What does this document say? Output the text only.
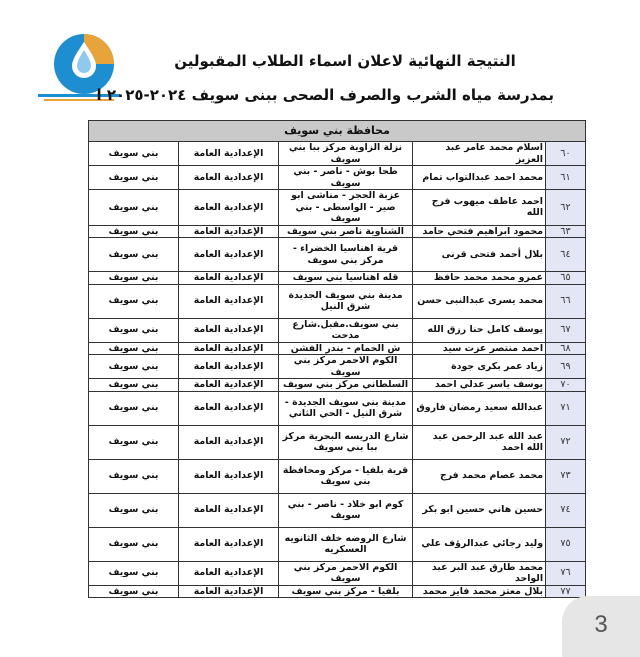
النتيجة النهائية لاعلان اسماء الطلاب المقبولين
بمدرسة مياه الشرب والصرف الصحى ببنى سويف ٢٠٢٤-٢٠٢٥ ا
محافظة بني سويف				
٦٠	اسلام محمد عامر عبد العزيز	نزلة الزاوية مركز ببا بني سويف	الإعدادية العامة	بني سويف
٦١	محمد احمد عبدالتواب تمام	طحا بوش - ناصر - بني سويف	الإعدادية العامة	بني سويف
٦٢	احمد عاطف ميهوب فرج الله	عزبة الحجر - مناشى ابو صير - الواسطى - بني سويف	الإعدادية العامة	بني سويف
٦٣	محمود ابراهيم فتحي حامد	الشناوية ناصر بني سويف	الإعدادية العامة	بني سويف
٦٤	بلال أحمد فتحى قرنى	قرية اهناسيا الخضراء - مركز بني سويف	الإعدادية العامة	بني سويف
٦٥	عمرو محمد محمد حافظ	قله اهناسيا بني سويف	الإعدادية العامة	بني سويف
٦٦	محمد يسرى عبدالنبى حسن	مدينة بني سويف الجديدة شرق النيل	الإعدادية العامة	بني سويف
٦٧	يوسف كامل حنا رزق الله	بني سويف.مقبل.شارع مدحت	الإعدادية العامة	بني سويف
٦٨	احمد منتصر عزت سيد	ش الحمام - بندر الفشن	الإعدادية العامة	بني سويف
٦٩	زياد عمر بكرى جودة	الكوم الاحمر مركز بني سويف	الإعدادية العامة	بني سويف
٧٠	يوسف ياسر عدلي احمد	السلطاني مركز بني سويف	الإعدادية العامة	بني سويف
٧١	عبدالله سعيد رمضان فاروق	مدينة بني سويف الجديدة - شرق النيل - الحي الثاني	الإعدادية العامة	بني سويف
٧٢	عبد الله عبد الرحمن عبد الله احمد	شارع الدريسه البحرية مركز ببا بني سويف	الإعدادية العامة	بني سويف
٧٣	محمد عصام محمد فرج	قرية بلفيا - مركز ومحافظة بني سويف	الإعدادية العامة	بني سويف
٧٤	حسين هاني حسين ابو بكر	كوم ابو خلاد - ناصر - بني سويف	الإعدادية العامة	بني سويف
٧٥	وليد رجائي عبدالرؤف علي	شارع الروضه خلف الثانويه العسكريه	الإعدادية العامة	بني سويف
٧٦	محمد طارق عبد البر عبد الواحد	الكوم الاحمر مركز بني سويف	الإعدادية العامة	بني سويف
٧٧	بلال معتز محمد فايز محمد	بلفيا - مركز بني سويف	الإعدادية العامة	بني سويف
3
